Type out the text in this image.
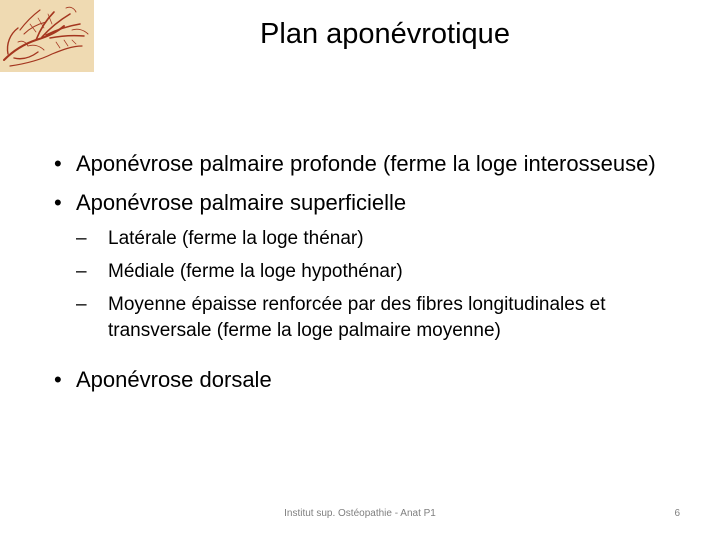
Plan aponévrotique
• Aponévrose palmaire profonde (ferme la loge interosseuse)
• Aponévrose palmaire superficielle
– Latérale (ferme la loge thénar)
– Médiale (ferme la loge hypothénar)
– Moyenne épaisse renforcée par des fibres longitudinales et transversale (ferme la loge palmaire moyenne)
• Aponévrose dorsale
Institut sup. Ostéopathie - Anat P1	6
